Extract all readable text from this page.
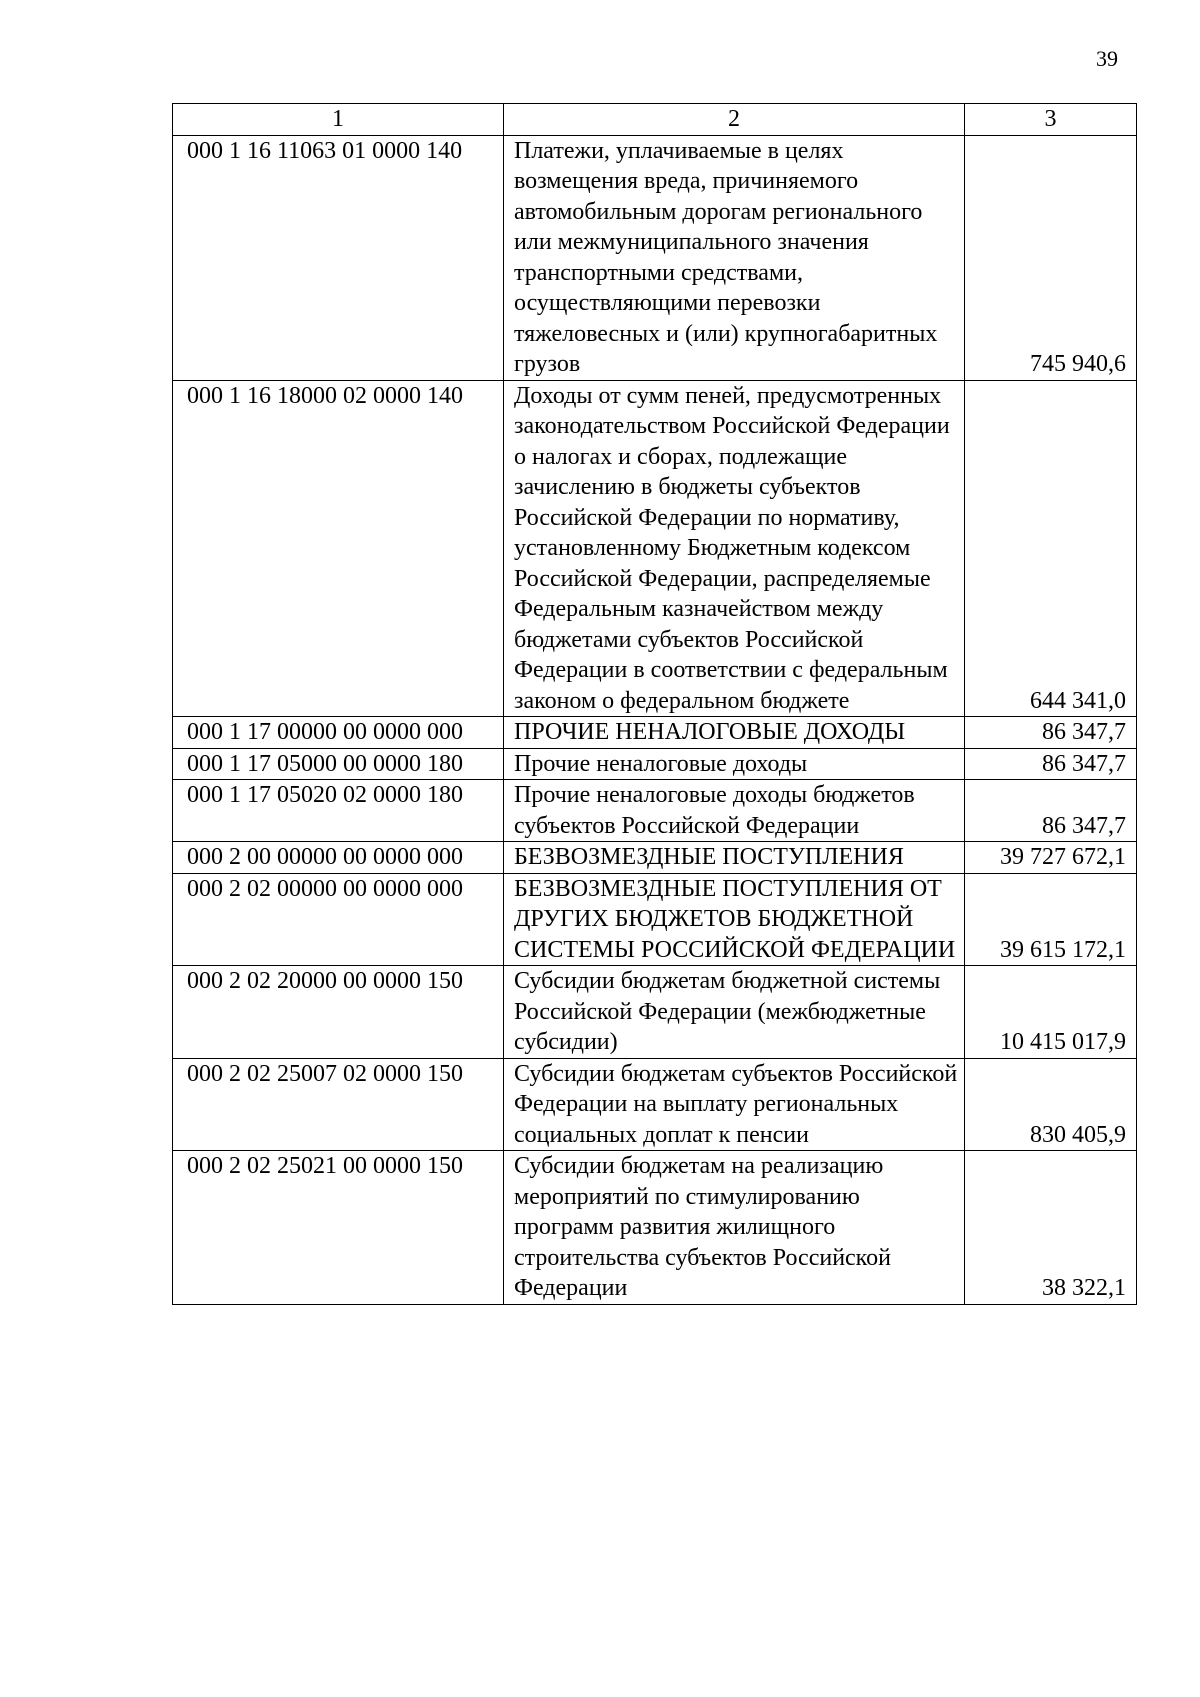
39
1	2	3
000 1 16 11063 01 0000 140	Платежи, уплачиваемые в целях возмещения вреда, причиняемого автомобильным дорогам регионального или межмуниципального значения транспортными средствами, осуществляющими перевозки тяжеловесных и (или) крупногабаритных грузов	745 940,6
000 1 16 18000 02 0000 140	Доходы от сумм пеней, предусмотренных законодательством Российской Федерации о налогах и сборах, подлежащие зачислению в бюджеты субъектов Российской Федерации по нормативу, установленному Бюджетным кодексом Российской Федерации, распределяемые Федеральным казначейством между бюджетами субъектов Российской Федерации в соответствии с федеральным законом о федеральном бюджете	644 341,0
000 1 17 00000 00 0000 000	ПРОЧИЕ НЕНАЛОГОВЫЕ ДОХОДЫ	86 347,7
000 1 17 05000 00 0000 180	Прочие неналоговые доходы	86 347,7
000 1 17 05020 02 0000 180	Прочие неналоговые доходы бюджетов субъектов Российской Федерации	86 347,7
000 2 00 00000 00 0000 000	БЕЗВОЗМЕЗДНЫЕ ПОСТУПЛЕНИЯ	39 727 672,1
000 2 02 00000 00 0000 000	БЕЗВОЗМЕЗДНЫЕ ПОСТУПЛЕНИЯ ОТ ДРУГИХ БЮДЖЕТОВ БЮДЖЕТНОЙ СИСТЕМЫ РОССИЙСКОЙ ФЕДЕРАЦИИ	39 615 172,1
000 2 02 20000 00 0000 150	Субсидии бюджетам бюджетной системы Российской Федерации (межбюджетные субсидии)	10 415 017,9
000 2 02 25007 02 0000 150	Субсидии бюджетам субъектов Российской Федерации на выплату региональных социальных доплат к пенсии	830 405,9
000 2 02 25021 00 0000 150	Субсидии бюджетам на реализацию мероприятий по стимулированию программ развития жилищного строительства субъектов Российской Федерации	38 322,1
